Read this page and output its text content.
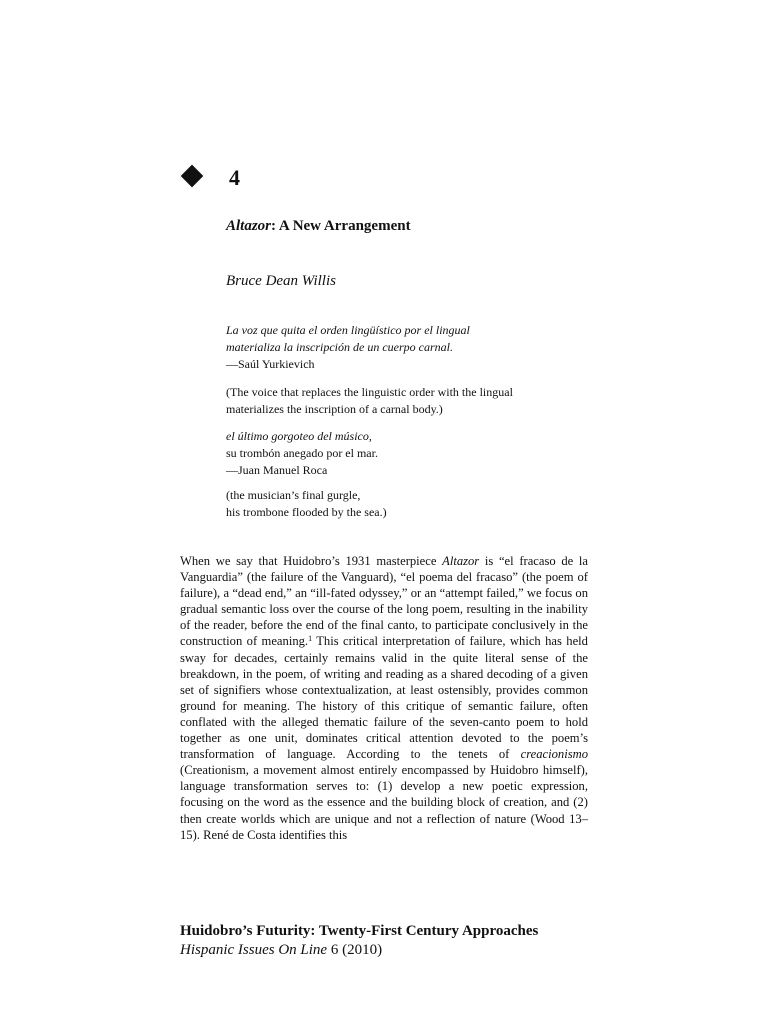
4
Altazor: A New Arrangement
Bruce Dean Willis
La voz que quita el orden lingüístico por el lingual
materializa la inscripción de un cuerpo carnal.
—Saúl Yurkievich
(The voice that replaces the linguistic order with the lingual
materializes the inscription of a carnal body.)
el último gorgoteo del músico,
su trombón anegado por el mar.
—Juan Manuel Roca
(the musician’s final gurgle,
his trombone flooded by the sea.)
When we say that Huidobro’s 1931 masterpiece Altazor is “el fracaso de la Vanguardia” (the failure of the Vanguard), “el poema del fracaso” (the poem of failure), a “dead end,” an “ill-fated odyssey,” or an “attempt failed,” we focus on gradual semantic loss over the course of the long poem, resulting in the inability of the reader, before the end of the final canto, to participate conclusively in the construction of meaning.$^1$ This critical interpretation of failure, which has held sway for decades, certainly remains valid in the quite literal sense of the breakdown, in the poem, of writing and reading as a shared decoding of a given set of signifiers whose contextualization, at least ostensibly, provides common ground for meaning. The history of this critique of semantic failure, often conflated with the alleged thematic failure of the seven-canto poem to hold together as one unit, dominates critical attention devoted to the poem’s transformation of language. According to the tenets of creacionismo (Creationism, a movement almost entirely encompassed by Huidobro himself), language transformation serves to: (1) develop a new poetic expression, focusing on the word as the essence and the building block of creation, and (2) then create worlds which are unique and not a reflection of nature (Wood 13–15). René de Costa identifies this
Huidobro’s Futurity: Twenty-First Century Approaches
Hispanic Issues On Line 6 (2010)
